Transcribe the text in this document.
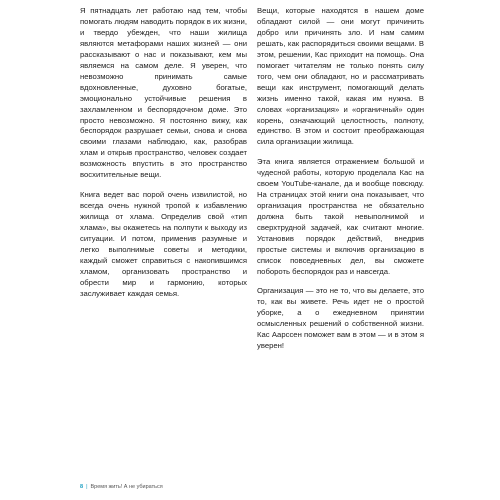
Я пятнадцать лет работаю над тем, чтобы помогать людям наводить порядок в их жизни, и твердо убежден, что наши жилища являются метафорами наших жизней — они рассказывают о нас и показывают, кем мы являемся на самом деле. Я уверен, что невозможно принимать самые вдохновленные, духовно богатые, эмоционально устойчивые решения в захламленном и беспорядочном доме. Это просто невозможно. Я постоянно вижу, как беспорядок разрушает семьи, снова и снова своими глазами наблюдаю, как, разобрав хлам и открыв пространство, человек создает возможность впустить в это пространство восхитительные вещи.

Книга ведет вас порой очень извилистой, но всегда очень нужной тропой к избавлению жилища от хлама. Определив свой «тип хлама», вы окажетесь на полпути к выходу из ситуации. И потом, применив разумные и легко выполнимые советы и методики, каждый сможет справиться с накопившимся хламом, организовать пространство и обрести мир и гармонию, которых заслуживает каждая семья.

Вещи, которые находятся в нашем доме обладают силой — они могут причинить добро или причинять зло. И нам самим решать, как распорядиться своими вещами. В этом, решении, Кас приходит на помощь. Она помогает читателям не только понять силу того, чем они обладают, но и рассматривать вещи как инструмент, помогающий делать жизнь именно такой, какая им нужна. В словах «организация» и «органичный» один корень, означающий целостность, полноту, единство. В этом и состоит преображающая сила организации жилища.

Эта книга является отражением большой и чудесной работы, которую проделала Кас на своем YouTube-канале, да и вообще повсюду. На страницах этой книги она показывает, что организация пространства не обязательно должна быть такой невыполнимой и сверхтрудной задачей, как считают многие. Установив порядок действий, внедрив простые системы и включив организацию в список повседневных дел, вы сможете побороть беспорядок раз и навсегда.

Организация — это не то, что вы делаете, это то, как вы живете. Речь идет не о простой уборке, а о ежедневном принятии осмысленных решений о собственной жизни. Кас Аарссен поможет вам в этом — и в этом я уверен!

8 | Время жить! А не убираться
